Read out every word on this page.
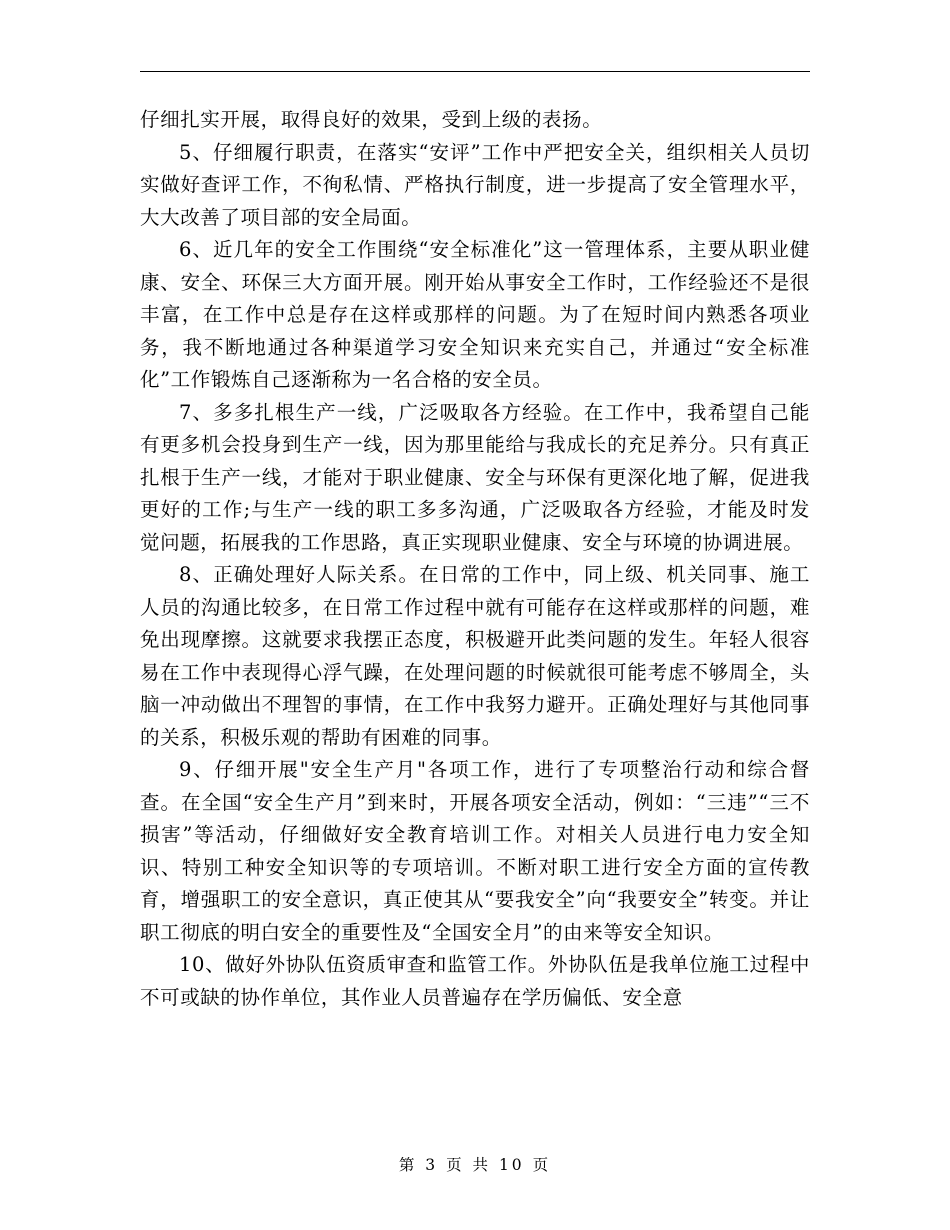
仔细扎实开展，取得良好的效果，受到上级的表扬。

5、仔细履行职责，在落实“安评”工作中严把安全关，组织相关人员切实做好查评工作，不徇私情、严格执行制度，进一步提高了安全管理水平，大大改善了项目部的安全局面。

6、近几年的安全工作围绕“安全标准化”这一管理体系，主要从职业健康、安全、环保三大方面开展。刚开始从事安全工作时，工作经验还不是很丰富，在工作中总是存在这样或那样的问题。为了在短时间内熟悉各项业务，我不断地通过各种渠道学习安全知识来充实自己，并通过“安全标准化”工作锻炼自己逐渐称为一名合格的安全员。

7、多多扎根生产一线，广泛吸取各方经验。在工作中，我希望自己能有更多机会投身到生产一线，因为那里能给与我成长的充足养分。只有真正扎根于生产一线，才能对于职业健康、安全与环保有更深化地了解，促进我更好的工作;与生产一线的职工多多沟通，广泛吸取各方经验，才能及时发觉问题，拓展我的工作思路，真正实现职业健康、安全与环境的协调进展。

8、正确处理好人际关系。在日常的工作中，同上级、机关同事、施工人员的沟通比较多，在日常工作过程中就有可能存在这样或那样的问题，难免出现摩擦。这就要求我摆正态度，积极避开此类问题的发生。年轻人很容易在工作中表现得心浮气躁，在处理问题的时候就很可能考虑不够周全，头脑一冲动做出不理智的事情，在工作中我努力避开。正确处理好与其他同事的关系，积极乐观的帮助有困难的同事。

9、仔细开展"安全生产月"各项工作，进行了专项整治行动和综合督查。在全国“安全生产月”到来时，开展各项安全活动，例如：“三违”“三不损害”等活动，仔细做好安全教育培训工作。对相关人员进行电力安全知识、特别工种安全知识等的专项培训。不断对职工进行安全方面的宣传教育，增强职工的安全意识，真正使其从“要我安全”向“我要安全”转变。并让职工彻底的明白安全的重要性及“全国安全月”的由来等安全知识。

10、做好外协队伍资质审查和监管工作。外协队伍是我单位施工过程中不可或缺的协作单位，其作业人员普遍存在学历偏低、安全意

第 3 页 共 10 页
